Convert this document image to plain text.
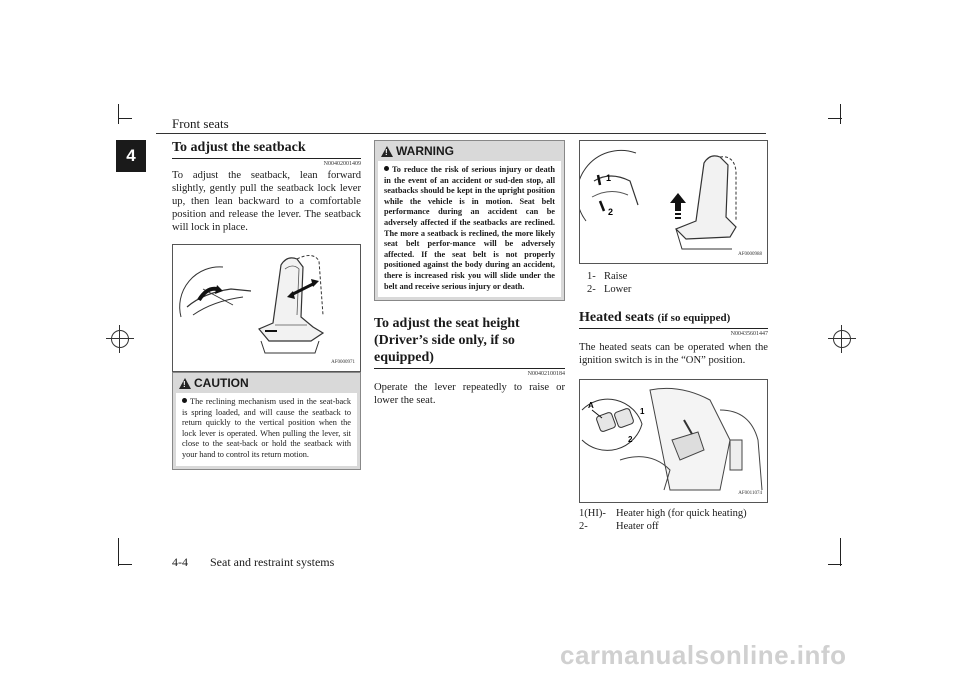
Front seats
4	To adjust the seatback
N00402001409
To adjust the seatback, lean forward slightly, gently pull the seatback lock lever up, then lean backward to a comfortable position and release the lever. The seatback will lock in place.
AF0000971
! CAUTION
The reclining mechanism used in the seat-back is spring loaded, and will cause the seatback to return quickly to the vertical position when the lock lever is operated. When pulling the lever, sit close to the seat-back or hold the seatback with your hand to control its return motion.
! WARNING
To reduce the risk of serious injury or death in the event of an accident or sud-den stop, all seatbacks should be kept in the upright position while the vehicle is in motion. Seat belt performance during an accident can be adversely affected if the seatbacks are reclined. The more a seatback is reclined, the more likely seat belt perfor-mance will be adversely affected. If the seat belt is not properly positioned against the body during an accident, there is increased risk you will slide under the belt and receive serious injury or death.
To adjust the seat height (Driver’s side only, if so equipped)
N00402100184
Operate the lever repeatedly to raise or lower the seat.
1
2
AF0000988
1- Raise
2- Lower
Heated seats (if so equipped)
N00435601447
The heated seats can be operated when the ignition switch is in the “ON” position.
A
1
2
AF0011074
1(HI)- Heater high (for quick heating)
2-	Heater off
4-4 Seat and restraint systems
carmanualsonline.info
